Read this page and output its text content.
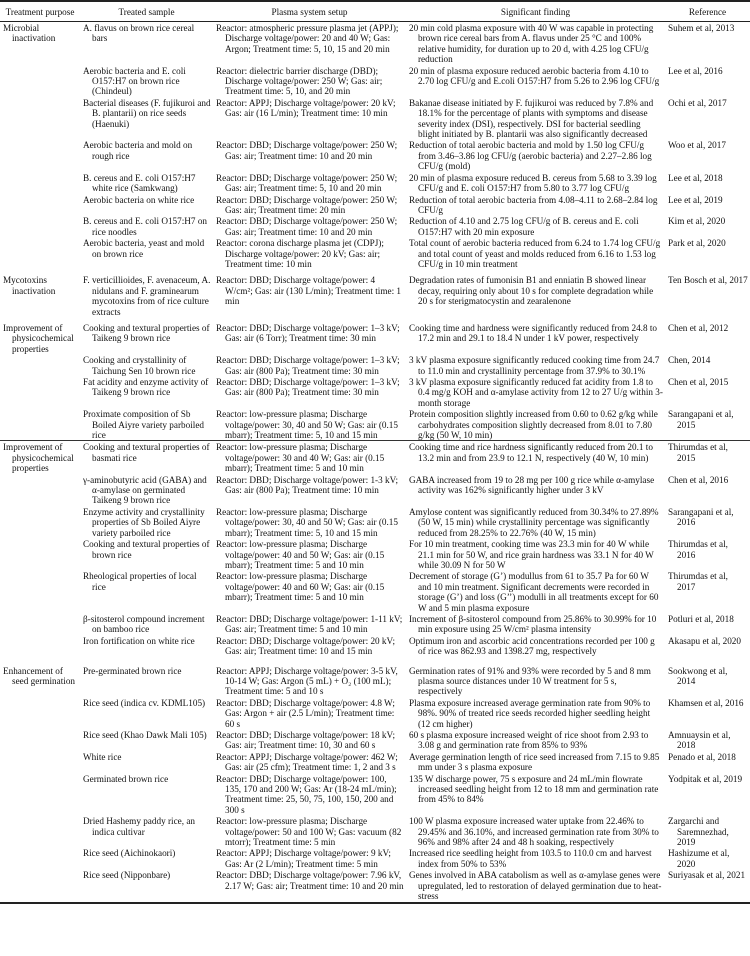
Treatment purpose	Treated sample	Plasma system setup	Significant finding	Reference

Microbial inactivation	A. flavus on brown rice cereal bars	Reactor: atmospheric pressure plasma jet (APPJ); Discharge voltage/power: 20 and 40 W; Gas: Argon; Treatment time: 5, 10, 15 and 20 min	20 min cold plasma exposure with 40 W was capable in protecting brown rice cereal bars from A. flavus under 25 °C and 100% relative humidity, for duration up to 20 d, with 4.25 log CFU/g reduction	Suhem et al, 2013

	Aerobic bacteria and E. coli O157:H7 on brown rice (Chindeul)	Reactor: dielectric barrier discharge (DBD); Discharge voltage/power: 250 W; Gas: air; Treatment time: 5, 10, and 20 min	20 min of plasma exposure reduced aerobic bacteria from 4.10 to 2.70 log CFU/g and E.coli O157:H7 from 5.26 to 2.96 log CFU/g	Lee et al, 2016

	Bacterial diseases (F. fujikuroi and B. plantarii) on rice seeds (Haenuki)	Reactor: APPJ; Discharge voltage/power: 20 kV; Gas: air (16 L/min); Treatment time: 10 min	Bakanae disease initiated by F. fujikuroi was reduced by 7.8% and 18.1% for the percentage of plants with symptoms and disease severity index (DSI), respectively. DSI for bacterial seedling blight initiated by B. plantarii was also significantly decreased	Ochi et al, 2017

	Aerobic bacteria and mold on rough rice	Reactor: DBD; Discharge voltage/power: 250 W; Gas: air; Treatment time: 10 and 20 min	Reduction of total aerobic bacteria and mold by 1.50 log CFU/g from 3.46–3.86 log CFU/g (aerobic bacteria) and 2.27–2.86 log CFU/g (mold)	Woo et al, 2017

	B. cereus and E. coli O157:H7 white rice (Samkwang)	Reactor: DBD; Discharge voltage/power: 250 W; Gas: air; Treatment time: 5, 10 and 20 min	20 min of plasma exposure reduced B. cereus from 5.68 to 3.39 log CFU/g and E. coli O157:H7 from 5.80 to 3.77 log CFU/g	Lee et al, 2018

	Aerobic bacteria on white rice	Reactor: DBD; Discharge voltage/power: 250 W; Gas: air; Treatment time: 20 min	Reduction of total aerobic bacteria from 4.08–4.11 to 2.68–2.84 log CFU/g	Lee et al, 2019

	B. cereus and E. coli O157:H7 on rice noodles	Reactor: DBD; Discharge voltage/power: 250 W; Gas: air; Treatment time: 10 and 20 min	Reduction of 4.10 and 2.75 log CFU/g of B. cereus and E. coli O157:H7 with 20 min exposure	Kim et al, 2020

	Aerobic bacteria, yeast and mold on brown rice	Reactor: corona discharge plasma jet (CDPJ); Discharge voltage/power: 20 kV; Gas: air; Treatment time: 10 min	Total count of aerobic bacteria reduced from 6.24 to 1.74 log CFU/g and total count of yeast and molds reduced from 6.16 to 1.53 log CFU/g in 10 min treatment	Park et al, 2020

Mycotoxins inactivation	F. verticillioides, F. avenaceum, A. nidulans and F. graminearum mycotoxins from of rice culture extracts	Reactor: DBD; Discharge voltage/power: 4 W/cm²; Gas: air (130 L/min); Treatment time: 1 min	Degradation rates of fumonisin B1 and enniatin B showed linear decay, requiring only about 10 s for complete degradation while 20 s for sterigmatocystin and zearalenone	Ten Bosch et al, 2017

Improvement of physicochemical properties	Cooking and textural properties of Taikeng 9 brown rice	Reactor: DBD; Discharge voltage/power: 1–3 kV; Gas: air (6 Torr); Treatment time: 30 min	Cooking time and hardness were significantly reduced from 24.8 to 17.2 min and 29.1 to 18.4 N under 1 kV power, respectively	Chen et al, 2012

	Cooking and crystallinity of Taichung Sen 10 brown rice	Reactor: DBD; Discharge voltage/power: 1–3 kV; Gas: air (800 Pa); Treatment time: 30 min	3 kV plasma exposure significantly reduced cooking time from 24.7 to 11.0 min and crystallinity percentage from 37.9% to 30.1%	Chen, 2014

	Fat acidity and enzyme activity of Taikeng 9 brown rice	Reactor: DBD; Discharge voltage/power: 1–3 kV; Gas: air (800 Pa); Treatment time: 30 min	3 kV plasma exposure significantly reduced fat acidity from 1.8 to 0.4 mg/g KOH and α-amylase activity from 12 to 27 U/g within 3-month storage	Chen et al, 2015

	Proximate composition of Sb Boiled Aiyre variety parboiled rice	Reactor: low-pressure plasma; Discharge voltage/power: 30, 40 and 50 W; Gas: air (0.15 mbarr); Treatment time: 5, 10 and 15 min	Protein composition slightly increased from 0.60 to 0.62 g/kg while carbohydrates composition slightly decreased from 8.01 to 7.80 g/kg (50 W, 10 min)	Sarangapani et al, 2015

Improvement of physicochemical properties	Cooking and textural properties of basmati rice	Reactor: low-pressure plasma; Discharge voltage/power: 30 and 40 W; Gas: air (0.15 mbarr); Treatment time: 5 and 10 min	Cooking time and rice hardness significantly reduced from 20.1 to 13.2 min and from 23.9 to 12.1 N, respectively (40 W, 10 min)	Thirumdas et al, 2015

	γ-aminobutyric acid (GABA) and α-amylase on germinated Taikeng 9 brown rice	Reactor: DBD; Discharge voltage/power: 1-3 kV; Gas: air (800 Pa); Treatment time: 10 min	GABA increased from 19 to 28 mg per 100 g rice while α-amylase activity was 162% significantly higher under 3 kV	Chen et al, 2016

	Enzyme activity and crystallinity properties of Sb Boiled Aiyre variety parboiled rice	Reactor: low-pressure plasma; Discharge voltage/power: 30, 40 and 50 W; Gas: air (0.15 mbarr); Treatment time: 5, 10 and 15 min	Amylose content was significantly reduced from 30.34% to 27.89% (50 W, 15 min) while crystallinity percentage was significantly reduced from 28.25% to 22.76% (40 W, 15 min)	Sarangapani et al, 2016

	Cooking and textural properties of brown rice	Reactor: low-pressure plasma; Discharge voltage/power: 40 and 50 W; Gas: air (0.15 mbarr); Treatment time: 5 and 10 min	For 10 min treatment, cooking time was 23.3 min for 40 W while 21.1 min for 50 W, and rice grain hardness was 33.1 N for 40 W while 30.09 N for 50 W	Thirumdas et al, 2016

	Rheological properties of local rice	Reactor: low-pressure plasma; Discharge voltage/power: 40 and 60 W; Gas: air (0.15 mbarr); Treatment time: 5 and 10 min	Decrement of storage (G’) modullus from 61 to 35.7 Pa for 60 W and 10 min treatment. Significant decrements were recorded in storage (G’) and loss (G’’) modulli in all treatments except for 60 W and 5 min plasma exposure	Thirumdas et al, 2017

	β-sitosterol compound increment on bamboo rice	Reactor: DBD; Discharge voltage/power: 1-11 kV; Gas: air; Treatment time: 5 and 10 min	Increment of β-sitosterol compound from 25.86% to 30.99% for 10 min exposure using 25 W/cm² plasma intensity	Potluri et al, 2018

	Iron fortification on white rice	Reactor: DBD; Discharge voltage/power: 20 kV; Gas: air; Treatment time: 10 and 15 min	Optimum iron and ascorbic acid concentrations recorded per 100 g of rice was 862.93 and 1398.27 mg, respectively	Akasapu et al, 2020

Enhancement of seed germination	Pre-germinated brown rice	Reactor: APPJ; Discharge voltage/power: 3-5 kV, 10-14 W; Gas: Argon (5 mL) + O₂ (100 mL); Treatment time: 5 and 10 s	Germination rates of 91% and 93% were recorded by 5 and 8 mm plasma source distances under 10 W treatment for 5 s, respectively	Sookwong et al, 2014

	Rice seed (indica cv. KDML105)	Reactor: DBD; Discharge voltage/power: 4.8 W; Gas: Argon + air (2.5 L/min); Treatment time: 60 s	Plasma exposure increased average germination rate from 90% to 98%. 90% of treated rice seeds recorded higher seedling height (12 cm higher)	Khamsen et al, 2016

	Rice seed (Khao Dawk Mali 105)	Reactor: DBD; Discharge voltage/power: 18 kV; Gas: air; Treatment time: 10, 30 and 60 s	60 s plasma exposure increased weight of rice shoot from 2.93 to 3.08 g and germination rate from 85% to 93%	Amnuaysin et al, 2018

	White rice	Reactor: APPJ; Discharge voltage/power: 462 W; Gas: air (25 cfm); Treatment time: 1, 2 and 3 s	Average germination length of rice seed increased from 7.15 to 9.85 mm under 3 s plasma exposure	Penado et al, 2018

	Germinated brown rice	Reactor: DBD; Discharge voltage/power: 100, 135, 170 and 200 W; Gas: Ar (18-24 mL/min); Treatment time: 25, 50, 75, 100, 150, 200 and 300 s	135 W discharge power, 75 s exposure and 24 mL/min flowrate increased seedling height from 12 to 18 mm and germination rate from 45% to 84%	Yodpitak et al, 2019

	Dried Hashemy paddy rice, an indica cultivar	Reactor: low-pressure plasma; Discharge voltage/power: 50 and 100 W; Gas: vacuum (82 mtorr); Treatment time: 5 min	100 W plasma exposure increased water uptake from 22.46% to 29.45% and 36.10%, and increased germination rate from 30% to 96% and 98% after 24 and 48 h soaking, respectively	Zargarchi and Saremnezhad, 2019

	Rice seed (Aichinokaori)	Reactor: APPJ; Discharge voltage/power: 9 kV; Gas: Ar (2 L/min); Treatment time: 5 min	Increased rice seedling height from 103.5 to 110.0 cm and harvest index from 50% to 53%	Hashizume et al, 2020

	Rice seed (Nipponbare)	Reactor: DBD; Discharge voltage/power: 7.96 kV, 2.17 W; Gas: air; Treatment time: 10 and 20 min	Genes involved in ABA catabolism as well as α-amylase genes were upregulated, led to restoration of delayed germination due to heat-stress	Suriyasak et al, 2021
